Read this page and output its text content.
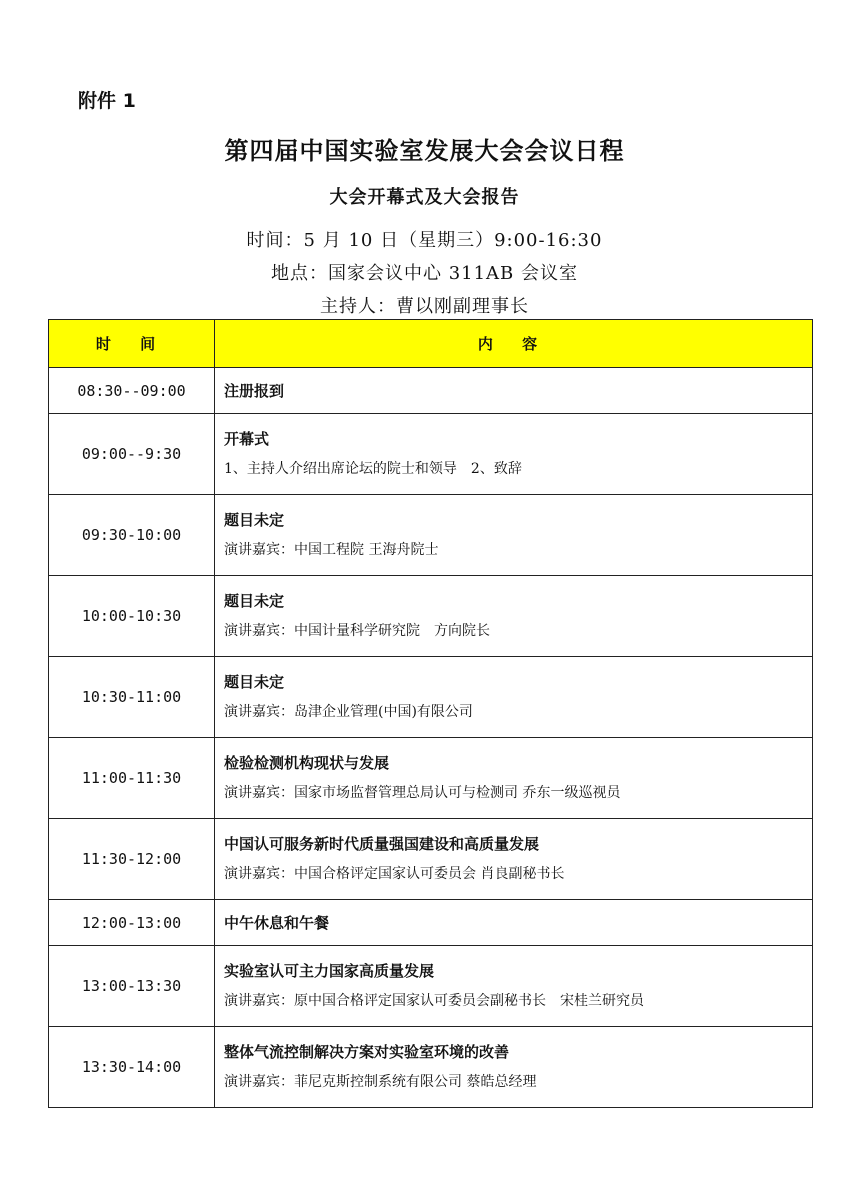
附件 1
第四届中国实验室发展大会会议日程
大会开幕式及大会报告
时间：5 月 10 日（星期三）9:00-16:30
地点：国家会议中心 311AB 会议室
主持人：曹以刚副理事长
时 间	内 容
08:30--09:00	注册报到

09:00--9:30	开幕式
1、主持人介绍出席论坛的院士和领导　2、致辞

09:30-10:00	题目未定
演讲嘉宾：中国工程院 王海舟院士

10:00-10:30	题目未定
演讲嘉宾：中国计量科学研究院　方向院长

10:30-11:00	题目未定
演讲嘉宾：岛津企业管理(中国)有限公司

11:00-11:30	检验检测机构现状与发展
演讲嘉宾：国家市场监督管理总局认可与检测司 乔东一级巡视员

11:30-12:00	中国认可服务新时代质量强国建设和高质量发展
演讲嘉宾：中国合格评定国家认可委员会 肖良副秘书长

12:00-13:00	中午休息和午餐

13:00-13:30	实验室认可主力国家高质量发展
演讲嘉宾：原中国合格评定国家认可委员会副秘书长　宋桂兰研究员

13:30-14:00	整体气流控制解决方案对实验室环境的改善
演讲嘉宾：菲尼克斯控制系统有限公司 蔡皓总经理
